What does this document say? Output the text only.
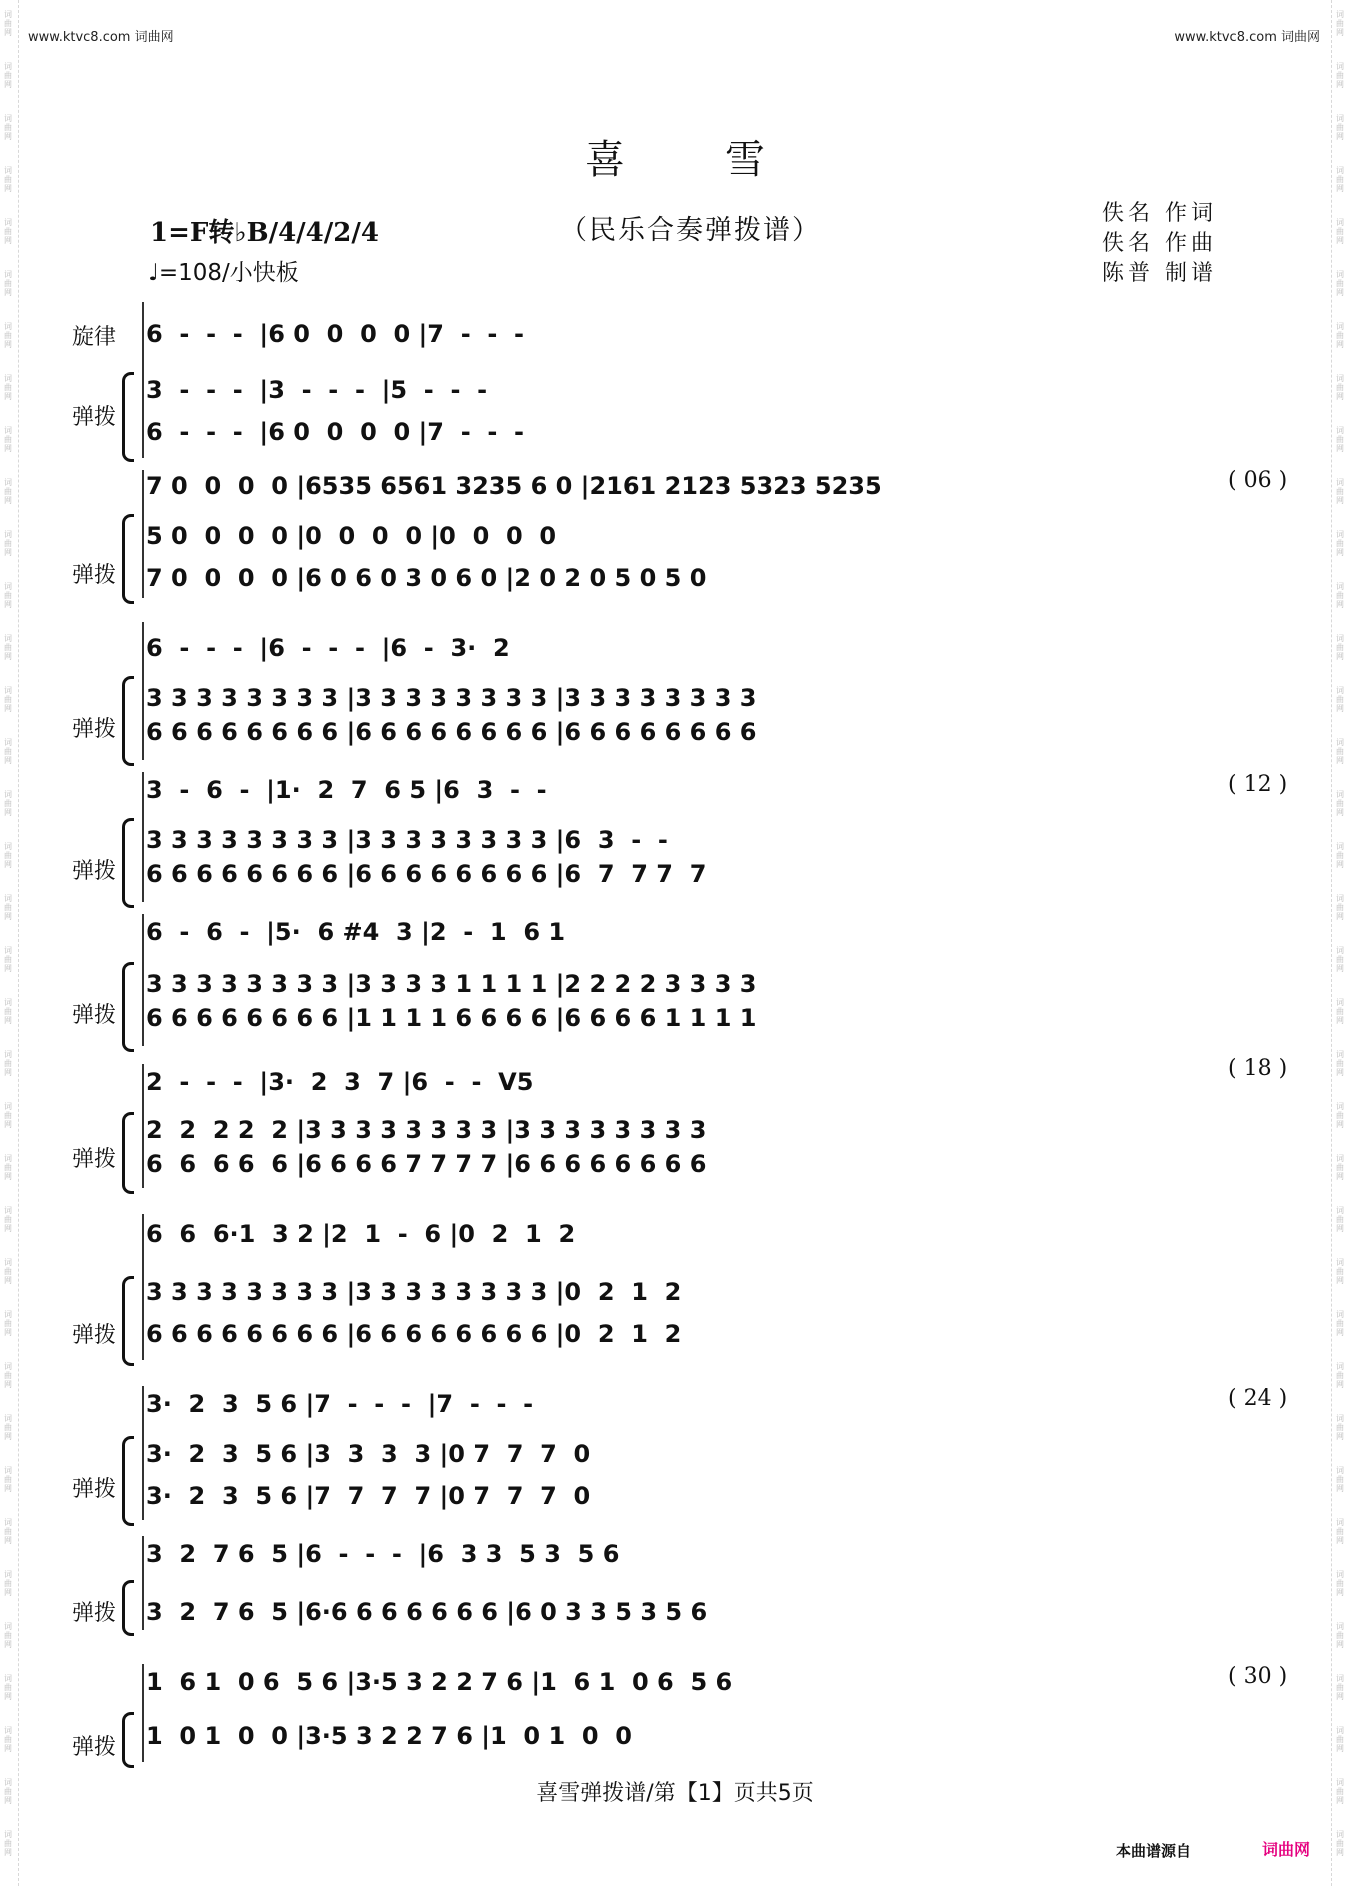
词曲网
词曲网
词曲网
词曲网
词曲网
词曲网
词曲网
词曲网
词曲网
词曲网
词曲网
词曲网
词曲网
词曲网
词曲网
词曲网
词曲网
词曲网
词曲网
词曲网
词曲网
词曲网
词曲网
词曲网
词曲网
词曲网
词曲网
词曲网
词曲网
词曲网
词曲网
词曲网
词曲网
词曲网
词曲网
词曲网
词曲网
词曲网
词曲网
词曲网
词曲网
词曲网
词曲网
词曲网
词曲网
词曲网
词曲网
词曲网
词曲网
词曲网
词曲网
词曲网
词曲网
词曲网
词曲网
词曲网
词曲网
词曲网
词曲网
词曲网
词曲网
词曲网
词曲网
词曲网
词曲网
词曲网
词曲网
词曲网
词曲网
词曲网
词曲网
词曲网
www.ktvc8.com 词曲网	www.ktvc8.com 词曲网
喜雪
（民乐合奏弹拨谱）
佚名 作词
佚名 作曲
陈普 制谱
1=F转♭B/4/4/2/4
♩=108/小快板
旋律
弹拨
6  -  -  -  |6 0  0  0  0 |7  -  -  -
3  -  -  -  |3  -  -  -  |5  -  -  -
6  -  -  -  |6 0  0  0  0 |7  -  -  -
弹拨
7 0  0  0  0 |6535 6561 3235 6 0 |2161 2123 5323 5235
5 0  0  0  0 |0  0  0  0 |0  0  0  0
7 0  0  0  0 |6 0 6 0 3 0 6 0 |2 0 2 0 5 0 5 0
( 06 )
弹拨
6  -  -  -  |6  -  -  -  |6  -  3·  2
3 3 3 3 3 3 3 3 |3 3 3 3 3 3 3 3 |3 3 3 3 3 3 3 3
6 6 6 6 6 6 6 6 |6 6 6 6 6 6 6 6 |6 6 6 6 6 6 6 6
弹拨
3  -  6  -  |1·  2  7  6 5 |6  3  -  -
3 3 3 3 3 3 3 3 |3 3 3 3 3 3 3 3 |6  3  -  -
6 6 6 6 6 6 6 6 |6 6 6 6 6 6 6 6 |6  7  7 7  7
( 12 )
弹拨
6  -  6  -  |5·  6 #4  3 |2  -  1  6 1
3 3 3 3 3 3 3 3 |3 3 3 3 1 1 1 1 |2 2 2 2 3 3 3 3
6 6 6 6 6 6 6 6 |1 1 1 1 6 6 6 6 |6 6 6 6 1 1 1 1
弹拨
2  -  -  -  |3·  2  3  7 |6  -  -  V5
2  2  2 2  2 |3 3 3 3 3 3 3 3 |3 3 3 3 3 3 3 3
6  6  6 6  6 |6 6 6 6 7 7 7 7 |6 6 6 6 6 6 6 6
( 18 )
弹拨
6  6  6·1  3 2 |2  1  -  6 |0  2  1  2
3 3 3 3 3 3 3 3 |3 3 3 3 3 3 3 3 |0  2  1  2
6 6 6 6 6 6 6 6 |6 6 6 6 6 6 6 6 |0  2  1  2
弹拨
3·  2  3  5 6 |7  -  -  -  |7  -  -  -
3·  2  3  5 6 |3  3  3  3 |0 7  7  7  0
3·  2  3  5 6 |7  7  7  7 |0 7  7  7  0
( 24 )
弹拨
3  2  7 6  5 |6  -  -  -  |6  3 3  5 3  5 6
3  2  7 6  5 |6·6 6 6 6 6 6 6 |6 0 3 3 5 3 5 6
弹拨
1  6 1  0 6  5 6 |3·5 3 2 2 7 6 |1  6 1  0 6  5 6
1  0 1  0  0 |3·5 3 2 2 7 6 |1  0 1  0  0
( 30 )
喜雪弹拨谱/第【1】页共5页
本曲谱源自	词曲网
